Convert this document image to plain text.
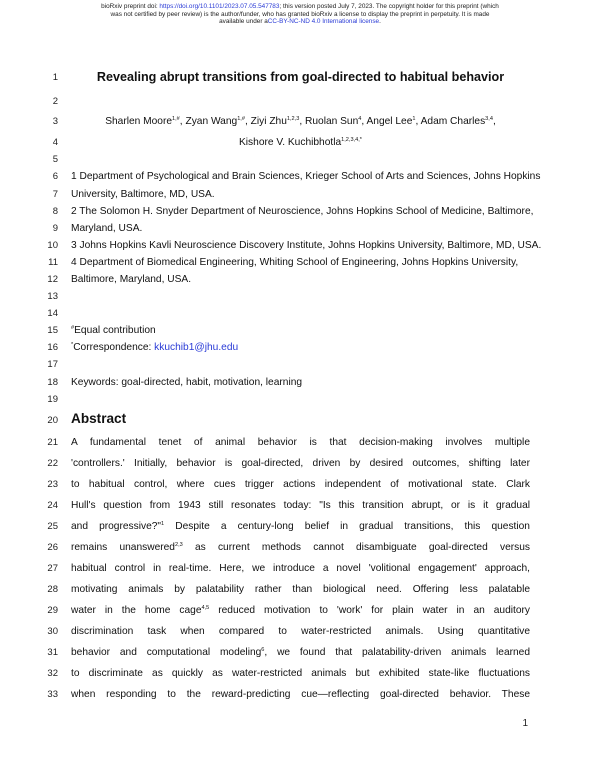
bioRxiv preprint doi: https://doi.org/10.1101/2023.07.05.547783; this version posted July 7, 2023. The copyright holder for this preprint (which
was not certified by peer review) is the author/funder, who has granted bioRxiv a license to display the preprint in perpetuity. It is made
available under aCC-BY-NC-ND 4.0 International license.
1
2
3
4
5
6
7
8
9
10
11
12
13
14
15
16
17
18
19
20
21
22
23
24
25
26
27
28
29
30
31
32
33
Revealing abrupt transitions from goal-directed to habitual behavior
Sharlen Moore$^{1,\#}$, Zyan Wang$^{1,\#}$, Ziyi Zhu$^{1,2,3}$, Ruolan Sun$^4$, Angel Lee$^1$, Adam Charles$^{3,4}$,
Kishore V. Kuchibhotla$^{1,2,3,4,*}$
1 Department of Psychological and Brain Sciences, Krieger School of Arts and Sciences, Johns Hopkins
University, Baltimore, MD, USA.
2 The Solomon H. Snyder Department of Neuroscience, Johns Hopkins School of Medicine, Baltimore,
Maryland, USA.
3 Johns Hopkins Kavli Neuroscience Discovery Institute, Johns Hopkins University, Baltimore, MD, USA.
4 Department of Biomedical Engineering, Whiting School of Engineering, Johns Hopkins University,
Baltimore, Maryland, USA.
#Equal contribution
*Correspondence: kkuchib1@jhu.edu
Keywords: goal-directed, habit, motivation, learning
Abstract
A fundamental tenet of animal behavior is that decision-making involves multiple
'controllers.' Initially, behavior is goal-directed, driven by desired outcomes, shifting later
to habitual control, where cues trigger actions independent of motivational state. Clark
Hull's question from 1943 still resonates today: "Is this transition abrupt, or is it gradual
and progressive?"$^1$ Despite a century-long belief in gradual transitions, this question
remains unanswered$^{2,3}$ as current methods cannot disambiguate goal-directed versus
habitual control in real-time. Here, we introduce a novel 'volitional engagement' approach,
motivating animals by palatability rather than biological need. Offering less palatable
water in the home cage$^{4,5}$ reduced motivation to 'work' for plain water in an auditory
discrimination task when compared to water-restricted animals. Using quantitative
behavior and computational modeling$^6$, we found that palatability-driven animals learned
to discriminate as quickly as water-restricted animals but exhibited state-like fluctuations
when responding to the reward-predicting cue—reflecting goal-directed behavior. These
1
